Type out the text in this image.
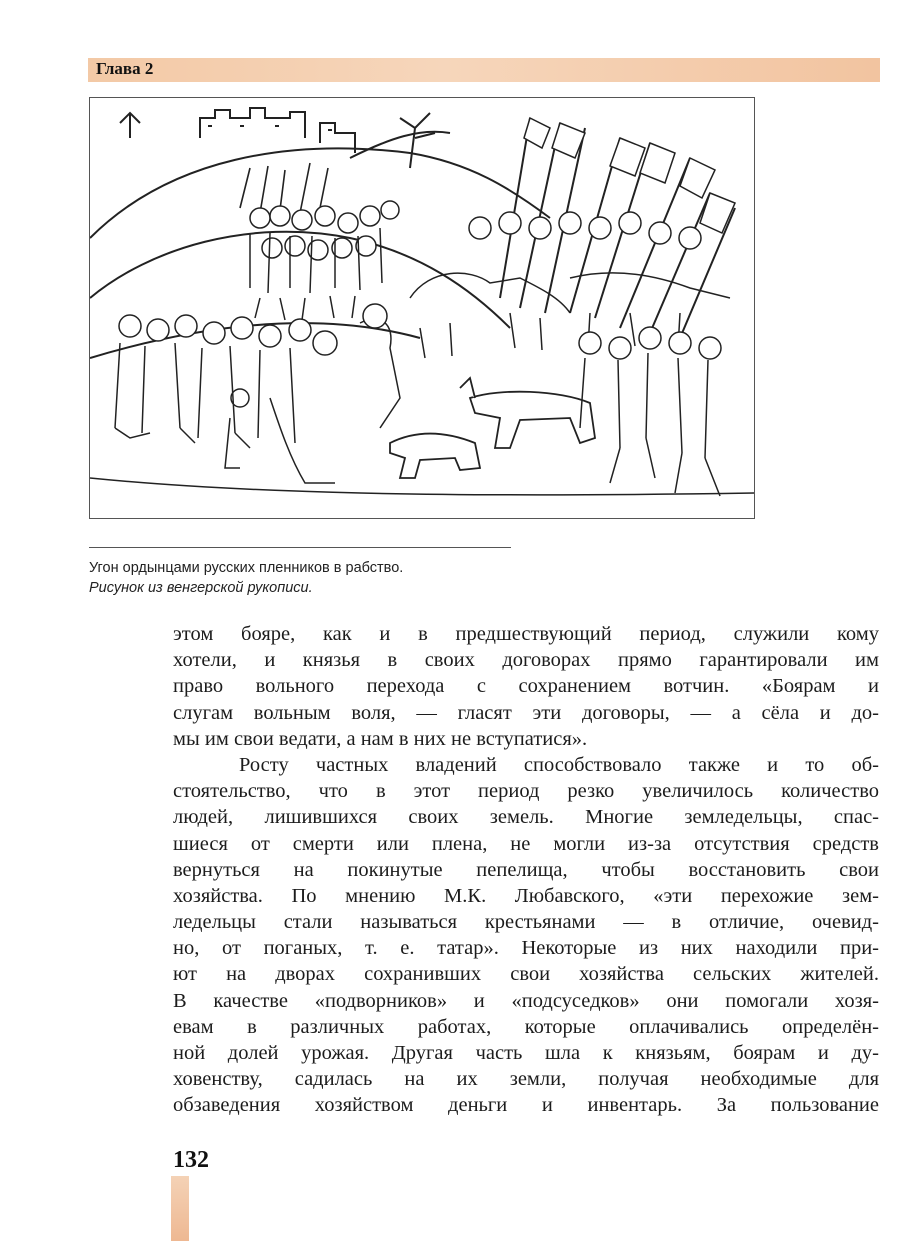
Глава 2
Угон ордынцами русских пленников в рабство.
Рисунок из венгерской рукописи.
этом бояре, как и в предшествующий период, служили кому
хотели, и князья в своих договорах прямо гарантировали им
право вольного перехода с сохранением вотчин. «Боярам и
слугам вольным воля, — гласят эти договоры, — а сёла и до-
мы им свои ведати, а нам в них не вступатися».
Росту частных владений способствовало также и то об-
стоятельство, что в этот период резко увеличилось количество
людей, лишившихся своих земель. Многие земледельцы, спас-
шиеся от смерти или плена, не могли из-за отсутствия средств
вернуться на покинутые пепелища, чтобы восстановить свои
хозяйства. По мнению М.К. Любавского, «эти перехожие зем-
ледельцы стали называться крестьянами — в отличие, очевид-
но, от поганых, т. е. татар». Некоторые из них находили при-
ют на дворах сохранивших свои хозяйства сельских жителей.
В качестве «подворников» и «подсуседков» они помогали хозя-
евам в различных работах, которые оплачивались определён-
ной долей урожая. Другая часть шла к князьям, боярам и ду-
ховенству, садилась на их земли, получая необходимые для
обзаведения хозяйством деньги и инвентарь. За пользование
132
